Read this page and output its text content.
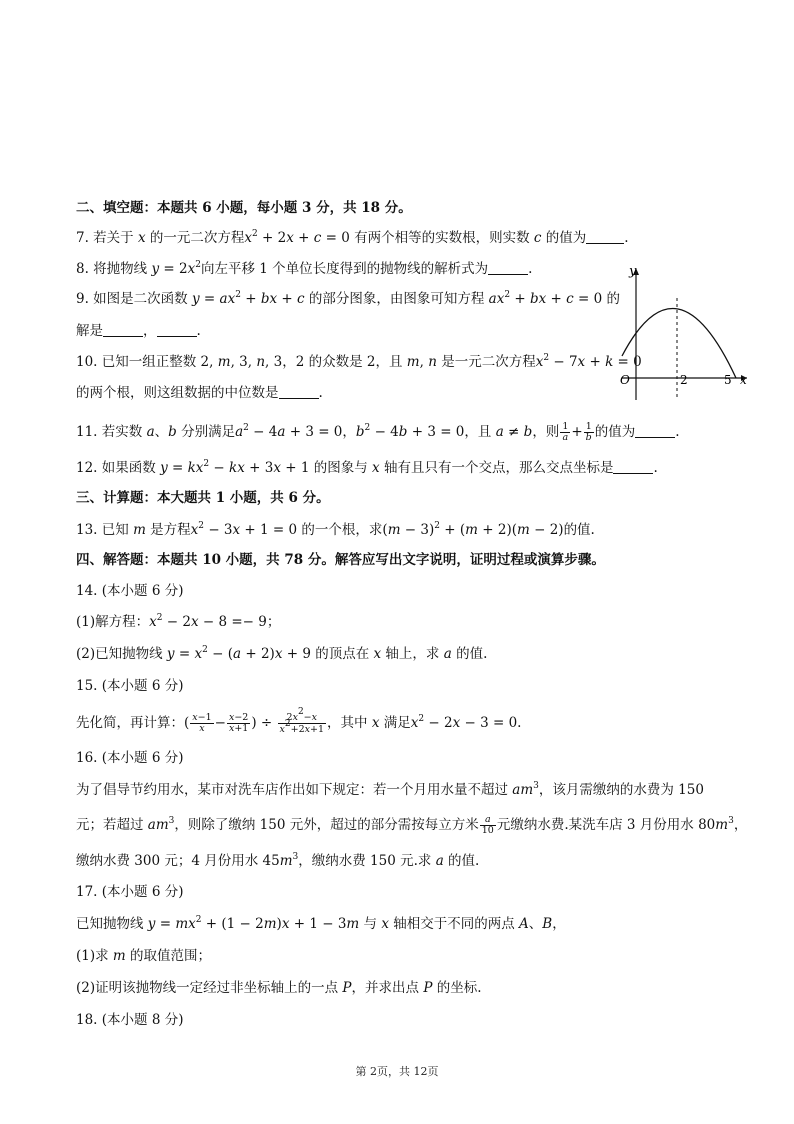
二、填空题：本题共 6 小题，每小题 3 分，共 18 分。
7. 若关于 x 的一元二次方程$x^2 + 2x + c = 0$ 有两个相等的实数根，则实数 c 的值为	.
8. 将抛物线 $y = 2x^2$向左平移 1 个单位长度得到的抛物线的解析式为	.
9. 如图是二次函数 $y = ax^2$ + bx + c 的部分图象，由图象可知方程 $ax^2$ + bx + c = 0 的
解是	，	.
10. 已知一组正整数 2, m, 3, n, 3，2 的众数是 2，且 m, n 是一元二次方程$x^2 - 7x + k = 0$
的两个根，则这组数据的中位数是	.
11. 若实数 a、b 分别满足$a^2 - 4a + 3 = 0$，$b^2 - 4b + 3 = 0$，且 a ≠ b，则 $\frac{1}{a} + \frac{1}{b}$ 的值为	.
12. 如果函数 $y = kx^2$ − kx + 3x + 1 的图象与 x 轴有且只有一个交点，那么交点坐标是	.
三、计算题：本大题共 1 小题，共 6 分。
13. 已知 m 是方程$x^2 - 3x + 1 = 0$ 的一个根，求$(m - 3)^2 + (m + 2)(m - 2)$的值.
四、解答题：本题共 10 小题，共 78 分。解答应写出文字说明，证明过程或演算步骤。
14. (本小题 6 分)
(1)解方程：$x^2 - 2x - 8 =- 9$；
(2)已知抛物线 $y = x^2 - (a + 2)x + 9$ 的顶点在 x 轴上，求 a 的值.
15. (本小题 6 分)
先化简，再计算：( $\frac{x-1}{x} - \frac{x-2}{x+1}$ ) ÷ $\frac{2x^2-x}{x^2+2x+1}$ ，其中 x 满足$x^2 - 2x - 3 = 0$.
16. (本小题 6 分)
为了倡导节约用水，某市对洗车店作出如下规定：若一个月用水量不超过 $am^3$，该月需缴纳的水费为 150
元；若超过 $am^3$，则除了缴纳 150 元外，超过的部分需按每立方米 $\frac{a}{10}$ 元缴纳水费.某洗车店 3 月份用水 $80m^3$，
缴纳水费 300 元；4 月份用水 $45m^3$，缴纳水费 150 元.求 a 的值.
17. (本小题 6 分)
已知抛物线 $y = mx^2 + (1 - 2m)x + 1 - 3m$ 与 x 轴相交于不同的两点 A、B，
(1)求 m 的取值范围；
(2)证明该抛物线一定经过非坐标轴上的一点 P，并求出点 P 的坐标.
18. (本小题 8 分)
y
x
O	2	5
第 2页，共 12页
